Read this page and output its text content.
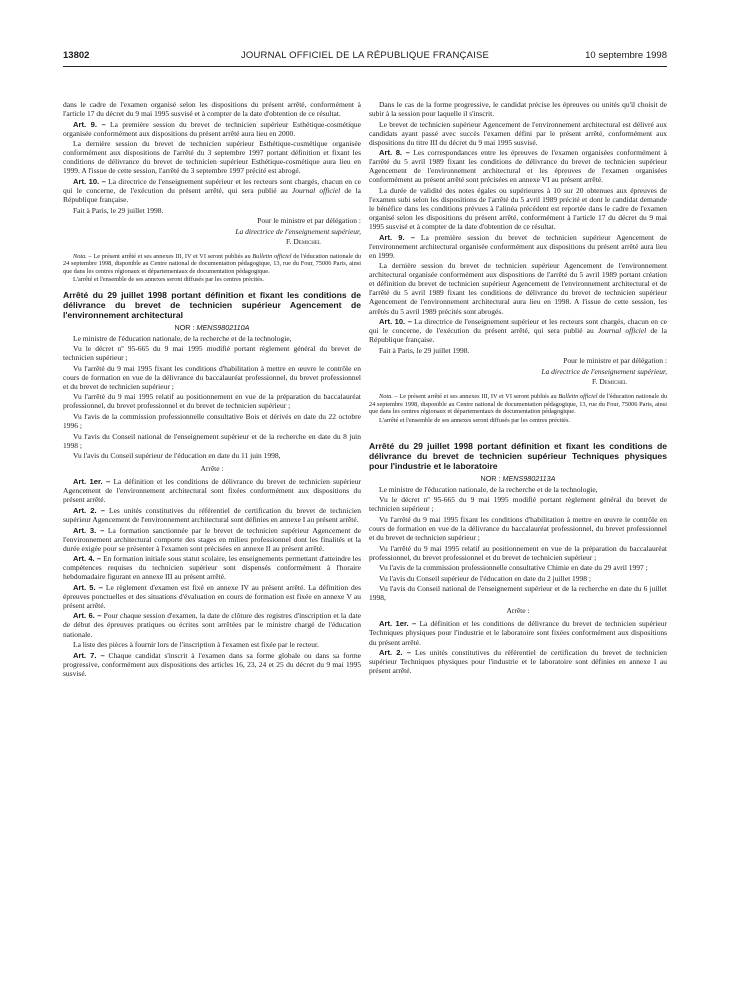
13802	JOURNAL OFFICIEL DE LA RÉPUBLIQUE FRANÇAISE	10 septembre 1998

dans le cadre de l'examen organisé selon les dispositions du présent arrêté, conformément à l'article 17 du décret du 9 mai 1995 susvisé et à compter de la date d'obtention de ce résultat.

Art. 9. – La première session du brevet de technicien supérieur Esthétique-cosmétique organisée conformément aux dispositions du présent arrêté aura lieu en 2000.

La dernière session du brevet de technicien supérieur Esthétique-cosmétique organisée conformément aux dispositions de l'arrêté du 3 septembre 1997 portant définition et fixant les conditions de délivrance du brevet de technicien supérieur Esthétique-cosmétique aura lieu en 1999. A l'issue de cette session, l'arrêté du 3 septembre 1997 précité est abrogé.

Art. 10. – La directrice de l'enseignement supérieur et les recteurs sont chargés, chacun en ce qui le concerne, de l'exécution du présent arrêté, qui sera publié au Journal officiel de la République française.

Fait à Paris, le 29 juillet 1998.

Pour le ministre et par délégation :

La directrice de l'enseignement supérieur,

F. Demichel

Nota. – Le présent arrêté et ses annexes III, IV et VI seront publiés au Bulletin officiel de l'éducation nationale du 24 septembre 1998, disponible au Centre national de documentation pédagogique, 13, rue du Four, 75006 Paris, ainsi que dans les centres régionaux et départementaux de documentation pédagogique.

L'arrêté et l'ensemble de ses annexes seront diffusés par les centres précités.

Arrêté du 29 juillet 1998 portant définition et fixant les conditions de délivrance du brevet de technicien supérieur Agencement de l'environnement architectural

NOR : MENS9802110A

Le ministre de l'éducation nationale, de la recherche et de la technologie,

Vu le décret nº 95-665 du 9 mai 1995 modifié portant règlement général du brevet de technicien supérieur ;

Vu l'arrêté du 9 mai 1995 fixant les conditions d'habilitation à mettre en œuvre le contrôle en cours de formation en vue de la délivrance du baccalauréat professionnel, du brevet professionnel et du brevet de technicien supérieur ;

Vu l'arrêté du 9 mai 1995 relatif au positionnement en vue de la préparation du baccalauréat professionnel, du brevet professionnel et du brevet de technicien supérieur ;

Vu l'avis de la commission professionnelle consultative Bois et dérivés en date du 22 octobre 1996 ;

Vu l'avis du Conseil national de l'enseignement supérieur et de la recherche en date du 8 juin 1998 ;

Vu l'avis du Conseil supérieur de l'éducation en date du 11 juin 1998,

Arrête :

Art. 1er. – La définition et les conditions de délivrance du brevet de technicien supérieur Agencement de l'environnement architectural sont fixées conformément aux dispositions du présent arrêté.

Art. 2. – Les unités constitutives du référentiel de certification du brevet de technicien supérieur Agencement de l'environnement architectural sont définies en annexe I au présent arrêté.

Art. 3. – La formation sanctionnée par le brevet de technicien supérieur Agencement de l'environnement architectural comporte des stages en milieu professionnel dont les finalités et la durée exigée pour se présenter à l'examen sont précisées en annexe II au présent arrêté.

Art. 4. – En formation initiale sous statut scolaire, les enseignements permettant d'atteindre les compétences requises du technicien supérieur sont dispensés conformément à l'horaire hebdomadaire figurant en annexe III au présent arrêté.

Art. 5. – Le règlement d'examen est fixé en annexe IV au présent arrêté. La définition des épreuves ponctuelles et des situations d'évaluation en cours de formation est fixée en annexe V au présent arrêté.

Art. 6. – Pour chaque session d'examen, la date de clôture des registres d'inscription et la date de début des épreuves pratiques ou écrites sont arrêtées par le ministre chargé de l'éducation nationale.

La liste des pièces à fournir lors de l'inscription à l'examen est fixée par le recteur.

Art. 7. – Chaque candidat s'inscrit à l'examen dans sa forme globale ou dans sa forme progressive, conformément aux dispositions des articles 16, 23, 24 et 25 du décret du 9 mai 1995 susvisé.

Dans le cas de la forme progressive, le candidat précise les épreuves ou unités qu'il choisit de subir à la session pour laquelle il s'inscrit.

Le brevet de technicien supérieur Agencement de l'environnement architectural est délivré aux candidats ayant passé avec succès l'examen défini par le présent arrêté, conformément aux dispositions du titre III du décret du 9 mai 1995 susvisé.

Art. 8. – Les correspondances entre les épreuves de l'examen organisées conformément à l'arrêté du 5 avril 1989 fixant les conditions de délivrance du brevet de technicien supérieur Agencement de l'environnement architectural et les épreuves de l'examen organisées conformément au présent arrêté sont précisées en annexe VI au présent arrêté.

La durée de validité des notes égales ou supérieures à 10 sur 20 obtenues aux épreuves de l'examen subi selon les dispositions de l'arrêté du 5 avril 1989 précité et dont le candidat demande le bénéfice dans les conditions prévues à l'alinéa précédent est reportée dans le cadre de l'examen organisé selon les dispositions du présent arrêté, conformément à l'article 17 du décret du 9 mai 1995 susvisé et à compter de la date d'obtention de ce résultat.

Art. 9. – La première session du brevet de technicien supérieur Agencement de l'environnement architectural organisée conformément aux dispositions du présent arrêté aura lieu en 1999.

La dernière session du brevet de technicien supérieur Agencement de l'environnement architectural organisée conformément aux dispositions de l'arrêté du 5 avril 1989 portant création et définition du brevet de technicien supérieur Agencement de l'environnement architectural et de l'arrêté du 5 avril 1989 fixant les conditions de délivrance du brevet de technicien supérieur Agencement de l'environnement architectural aura lieu en 1998. A l'issue de cette session, les arrêtés du 5 avril 1989 précités sont abrogés.

Art. 10. – La directrice de l'enseignement supérieur et les recteurs sont chargés, chacun en ce qui le concerne, de l'exécution du présent arrêté, qui sera publié au Journal officiel de la République française.

Fait à Paris, le 29 juillet 1998.

Pour le ministre et par délégation :

La directrice de l'enseignement supérieur,

F. Demichel

Nota. – Le présent arrêté et ses annexes III, IV et VI seront publiés au Bulletin officiel de l'éducation nationale du 24 septembre 1998, disponible au Centre national de documentation pédagogique, 13, rue du Four, 75006 Paris, ainsi que dans les centres régionaux et départementaux de documentation pédagogique.

L'arrêté et l'ensemble de ses annexes seront diffusés par les centres précités.

Arrêté du 29 juillet 1998 portant définition et fixant les conditions de délivrance du brevet de technicien supérieur Techniques physiques pour l'industrie et le laboratoire

NOR : MENS9802113A

Le ministre de l'éducation nationale, de la recherche et de la technologie,

Vu le décret nº 95-665 du 9 mai 1995 modifié portant règlement général du brevet de technicien supérieur ;

Vu l'arrêté du 9 mai 1995 fixant les conditions d'habilitation à mettre en œuvre le contrôle en cours de formation en vue de la délivrance du baccalauréat professionnel, du brevet professionnel et du brevet de technicien supérieur ;

Vu l'arrêté du 9 mai 1995 relatif au positionnement en vue de la préparation du baccalauréat professionnel, du brevet professionnel et du brevet de technicien supérieur ;

Vu l'avis de la commission professionnelle consultative Chimie en date du 29 avril 1997 ;

Vu l'avis du Conseil supérieur de l'éducation en date du 2 juillet 1998 ;

Vu l'avis du Conseil national de l'enseignement supérieur et de la recherche en date du 6 juillet 1998,

Arrête :

Art. 1er. – La définition et les conditions de délivrance du brevet de technicien supérieur Techniques physiques pour l'industrie et le laboratoire sont fixées conformément aux dispositions du présent arrêté.

Art. 2. – Les unités constitutives du référentiel de certification du brevet de technicien supérieur Techniques physiques pour l'industrie et le laboratoire sont définies en annexe I au présent arrêté.
